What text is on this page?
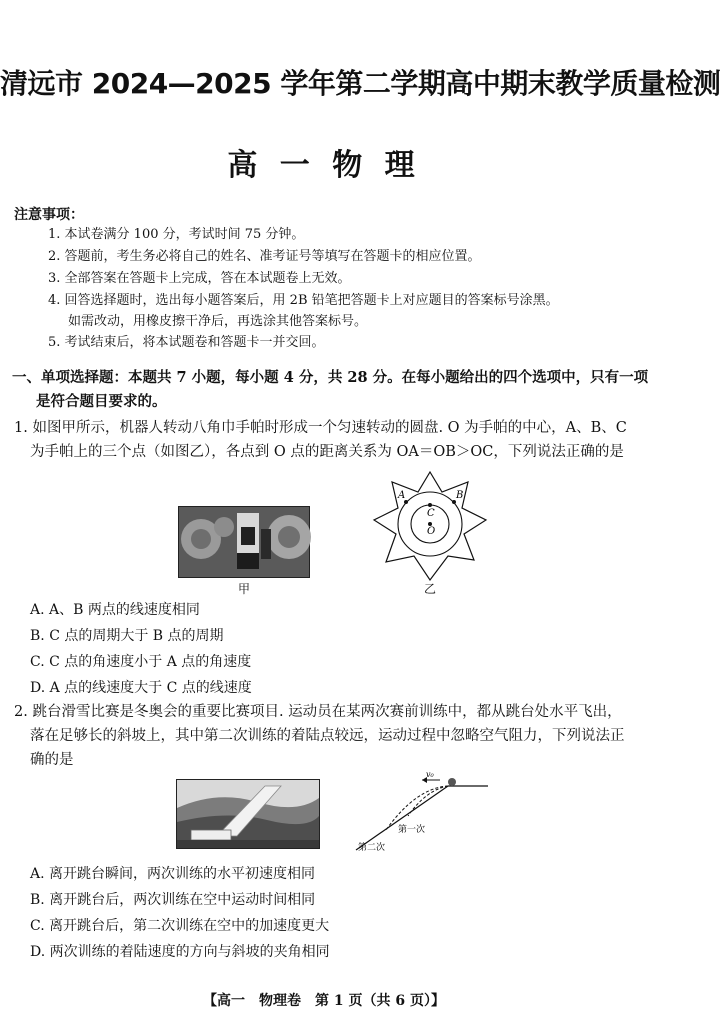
清远市 2024—2025 学年第二学期高中期末教学质量检测
高 一 物 理
注意事项：
1. 本试卷满分 100 分，考试时间 75 分钟。
2. 答题前，考生务必将自己的姓名、准考证号等填写在答题卡的相应位置。
3. 全部答案在答题卡上完成，答在本试题卷上无效。
4. 回答选择题时，选出每小题答案后，用 2B 铅笔把答题卡上对应题目的答案标号涂黑。
如需改动，用橡皮擦干净后，再选涂其他答案标号。
5. 考试结束后，将本试题卷和答题卡一并交回。
一、单项选择题：本题共 7 小题，每小题 4 分，共 28 分。在每小题给出的四个选项中，只有一项
是符合题目要求的。
1. 如图甲所示，机器人转动八角巾手帕时形成一个匀速转动的圆盘. O 为手帕的中心，A、B、C
为手帕上的三个点（如图乙），各点到 O 点的距离关系为 OA＝OB＞OC，下列说法正确的是
甲
A	B
C
O
乙
A. A、B 两点的线速度相同
B. C 点的周期大于 B 点的周期
C. C 点的角速度小于 A 点的角速度
D. A 点的线速度大于 C 点的线速度
2. 跳台滑雪比赛是冬奥会的重要比赛项目. 运动员在某两次赛前训练中，都从跳台处水平飞出，
落在足够长的斜坡上，其中第二次训练的着陆点较远，运动过程中忽略空气阻力，下列说法正
确的是
v₀
第一次
第二次
A. 离开跳台瞬间，两次训练的水平初速度相同
B. 离开跳台后，两次训练在空中运动时间相同
C. 离开跳台后，第二次训练在空中的加速度更大
D. 两次训练的着陆速度的方向与斜坡的夹角相同
【高一　物理卷　第 1 页（共 6 页）】
